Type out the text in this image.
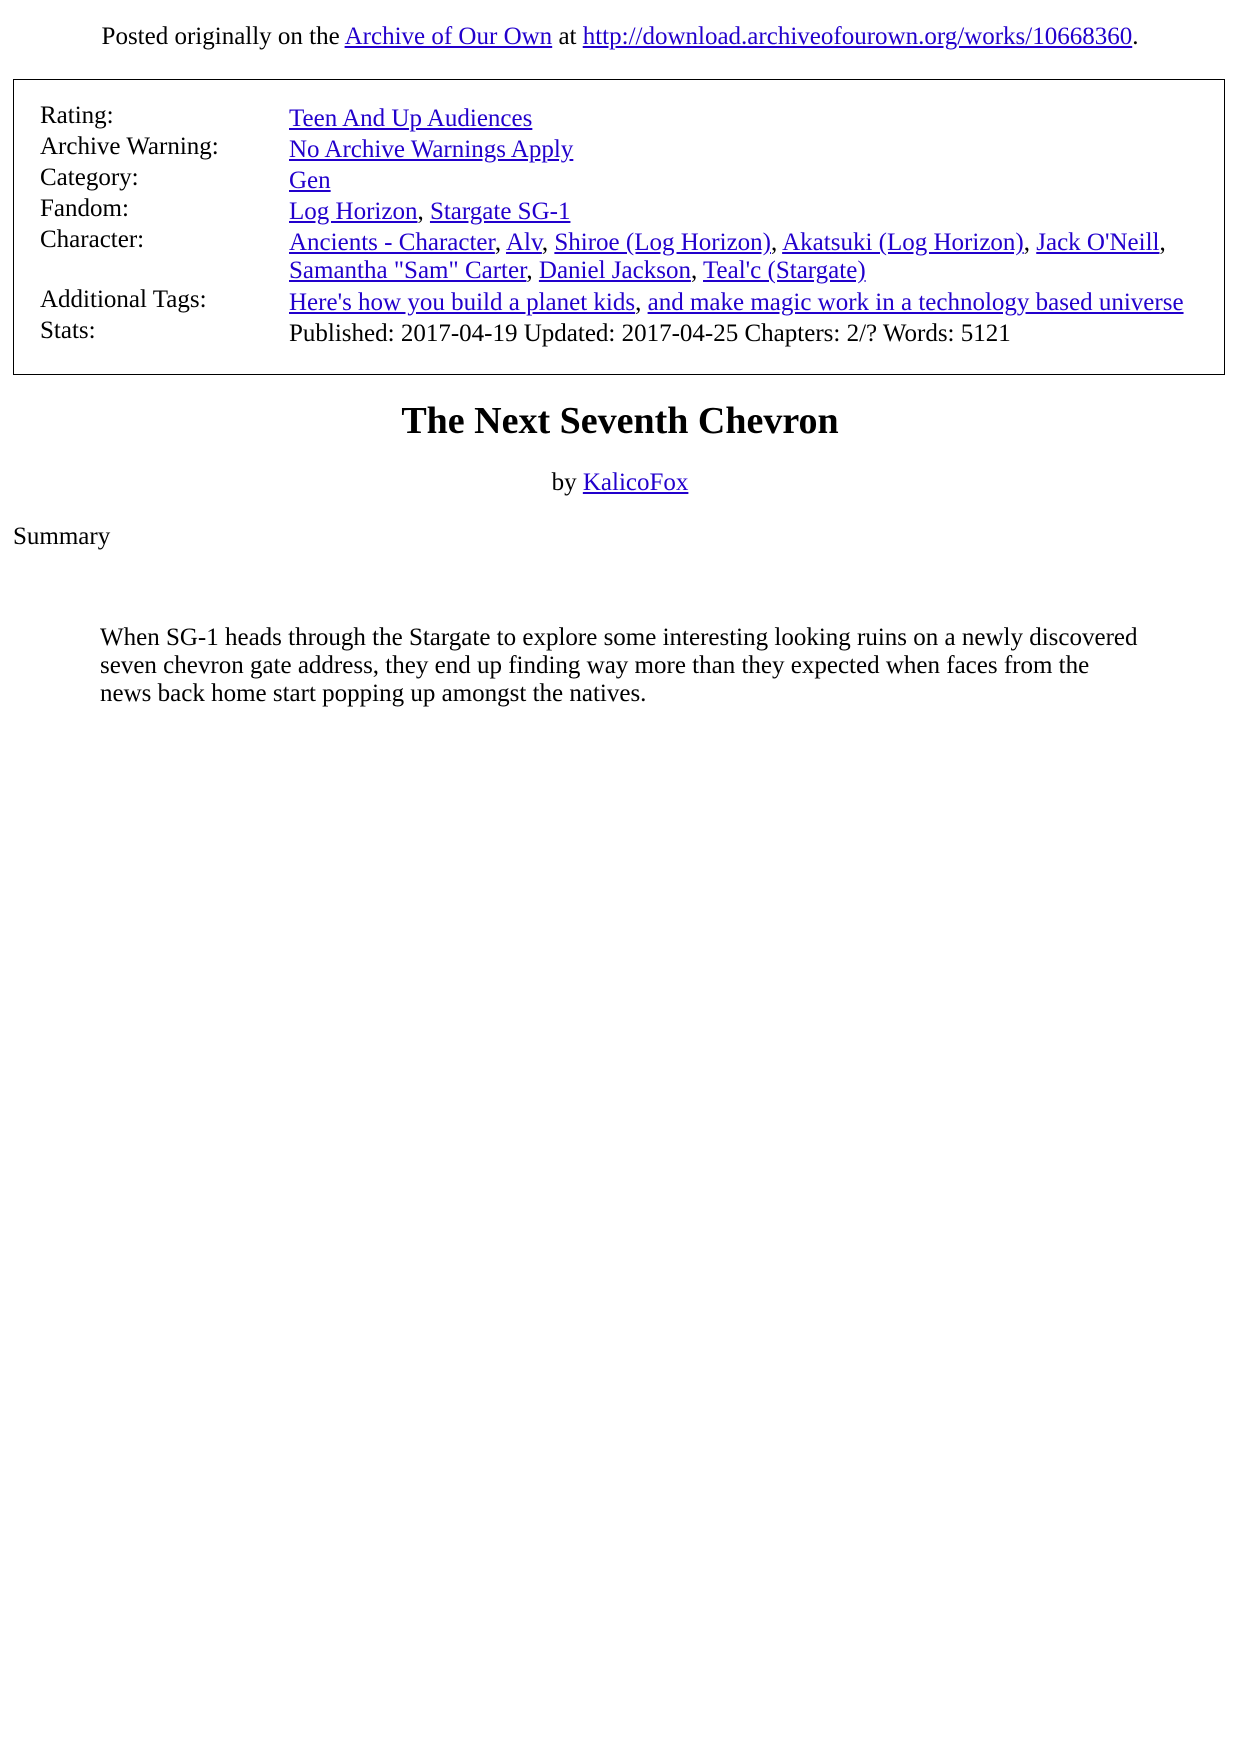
Posted originally on the Archive of Our Own at http://download.archiveofourown.org/works/10668360.
Rating:	Teen And Up Audiences
Archive Warning:	No Archive Warnings Apply
Category:	Gen
Fandom:	Log Horizon, Stargate SG-1
Character:	Ancients - Character, Alv, Shiroe (Log Horizon), Akatsuki (Log Horizon), Jack O'Neill, Samantha "Sam" Carter, Daniel Jackson, Teal'c (Stargate)
Additional Tags:	Here's how you build a planet kids, and make magic work in a technology based universe
Stats:	Published: 2017-04-19 Updated: 2017-04-25 Chapters: 2/? Words: 5121
The Next Seventh Chevron
by KalicoFox
Summary
When SG-1 heads through the Stargate to explore some interesting looking ruins on a newly discovered seven chevron gate address, they end up finding way more than they expected when faces from the news back home start popping up amongst the natives.
